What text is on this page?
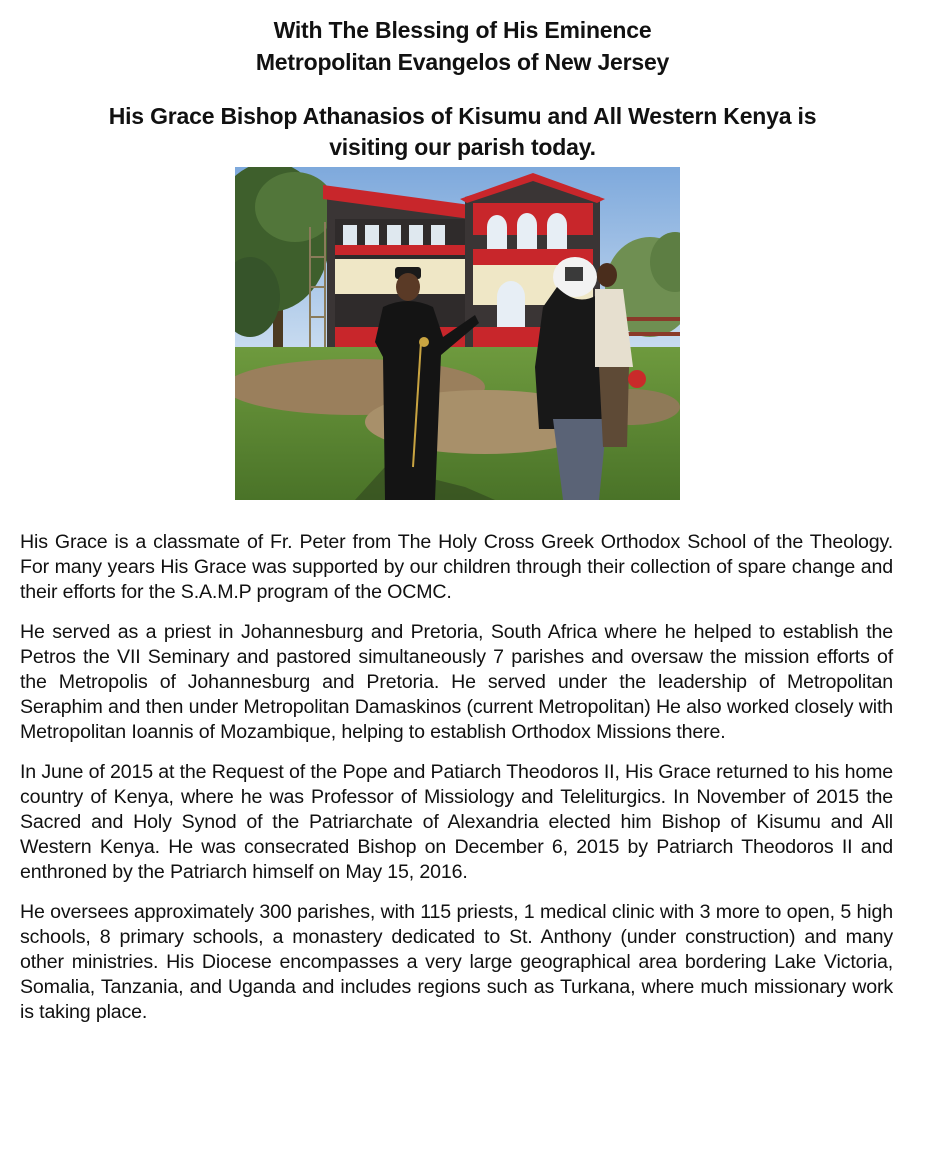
With The Blessing of His Eminence
Metropolitan Evangelos of New Jersey
His Grace Bishop Athanasios of Kisumu and All Western Kenya is
visiting our parish today.

His Grace is a classmate of Fr. Peter from The Holy Cross Greek Orthodox School of the Theology. For many years His Grace was supported by our children through their collection of spare change and their efforts for the S.A.M.P program of the OCMC.

He served as a priest in Johannesburg and Pretoria, South Africa where he helped to establish the Petros the VII Seminary and pastored simultaneously 7 parishes and oversaw the mission efforts of the Metropolis of Johannesburg and Pretoria. He served under the leadership of Metropolitan Seraphim and then under Metropolitan Damaskinos (current Metropolitan) He also worked closely with Metropolitan Ioannis of Mozambique, helping to establish Orthodox Missions there.

In June of 2015 at the Request of the Pope and Patiarch Theodoros II, His Grace returned to his home country of Kenya, where he was Professor of Missiology and Teleliturgics. In November of 2015 the Sacred and Holy Synod of the Patriarchate of Alexandria elected him Bishop of Kisumu and All Western Kenya. He was consecrated Bishop on December 6, 2015 by Patriarch Theodoros II and enthroned by the Patriarch himself on May 15, 2016.

He oversees approximately 300 parishes, with 115 priests, 1 medical clinic with 3 more to open, 5 high schools, 8 primary schools, a monastery dedicated to St. Anthony (under construction) and many other ministries. His Diocese encompasses a very large geographical area bordering Lake Victoria, Somalia, Tanzania, and Uganda and includes regions such as Turkana, where much missionary work is taking place.
